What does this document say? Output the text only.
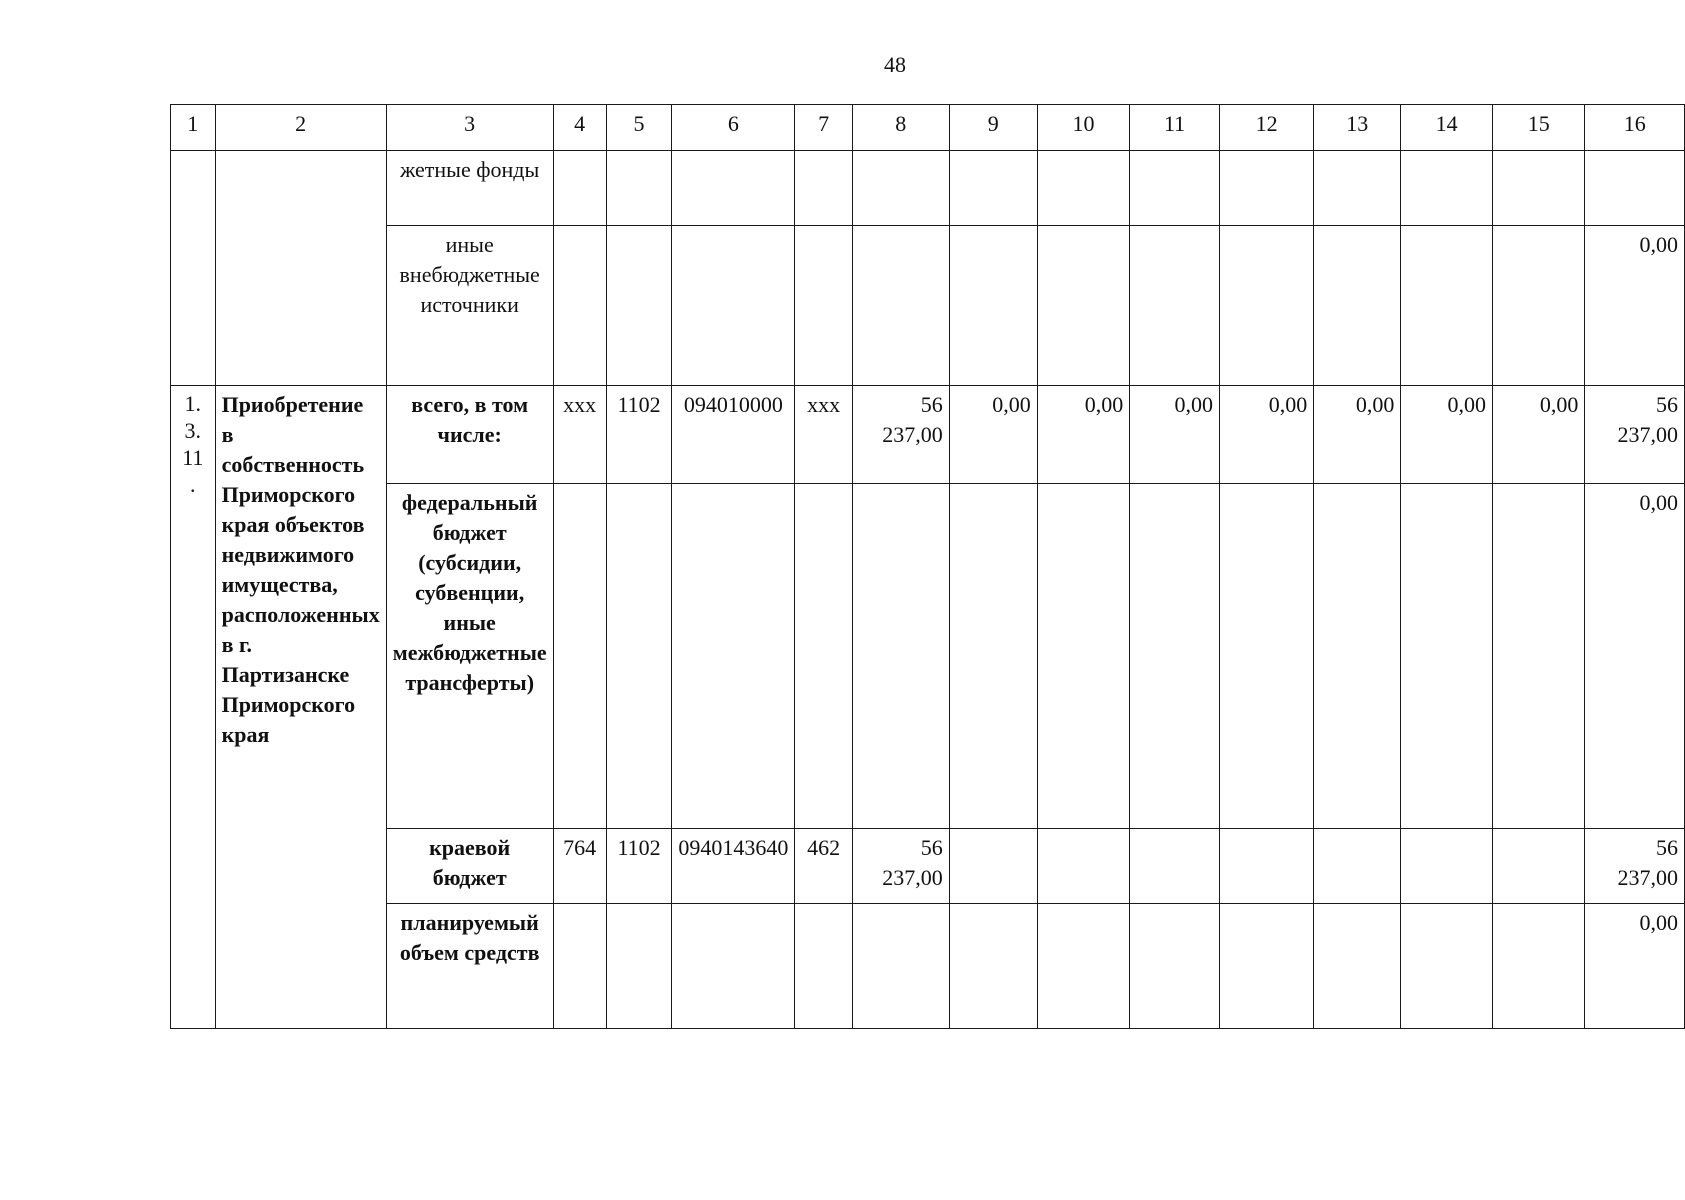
48
1	2	3	4	5	6	7	8	9	10	11	12	13	14	15	16
		жетные фонды													
		иные внебюджетные источники													0,00
1. 3. 11 .	Приобретение в собственность Приморского края объектов недвижимого имущества, расположенных в г. Партизанске Приморского края	всего, в том числе:	xxx	1102	094010000	xxx	56 237,00	0,00	0,00	0,00	0,00	0,00	0,00	0,00	56 237,00
		федеральный бюджет (субсидии, субвенции, иные межбюджетные трансферты)													0,00
		краевой бюджет	764	1102	0940143640	462	56 237,00								56 237,00
		планируемый объем средств													0,00
